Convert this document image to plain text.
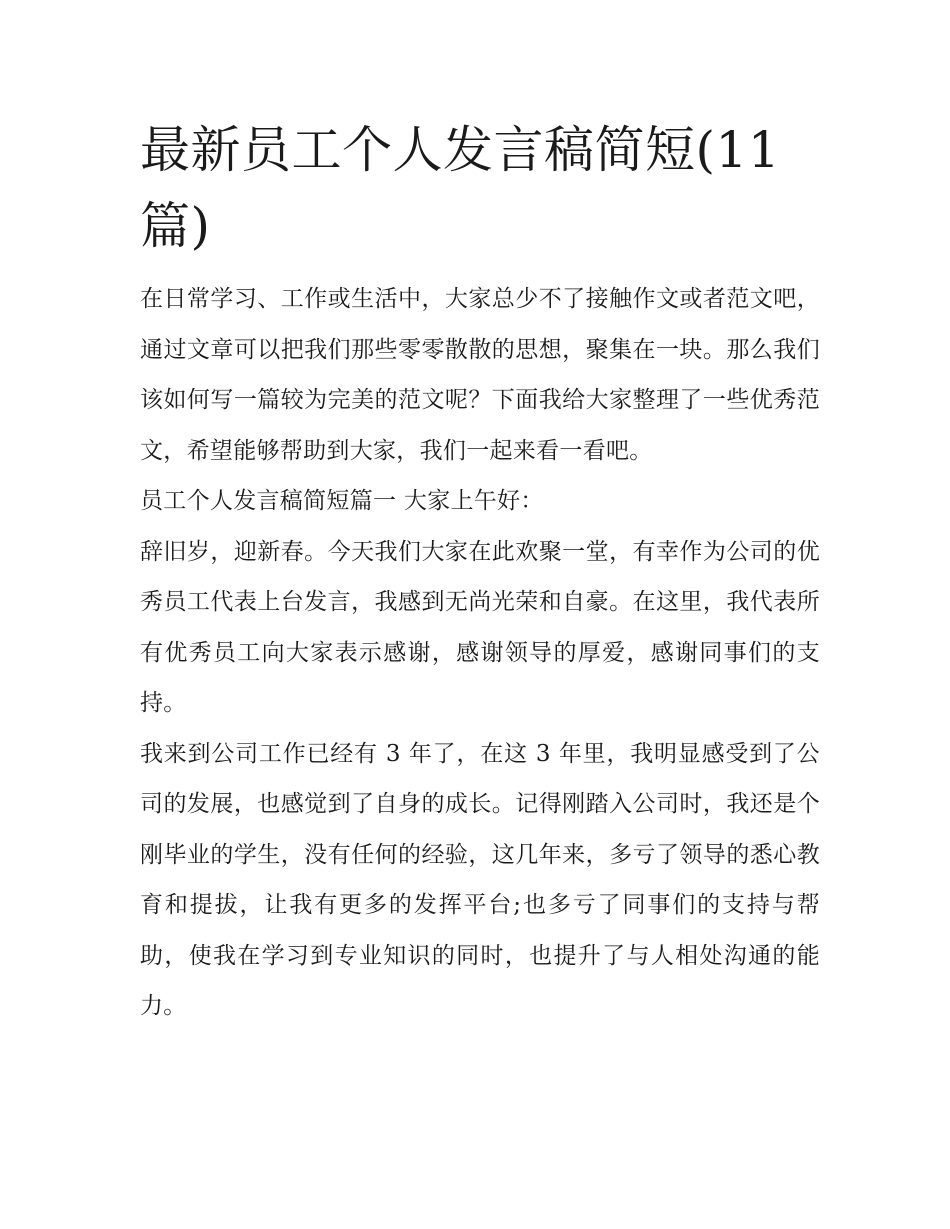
最新员工个人发言稿简短(11篇)

在日常学习、工作或生活中，大家总少不了接触作文或者范文吧，通过文章可以把我们那些零零散散的思想，聚集在一块。那么我们该如何写一篇较为完美的范文呢？下面我给大家整理了一些优秀范文，希望能够帮助到大家，我们一起来看一看吧。

员工个人发言稿简短篇一 大家上午好：

辞旧岁，迎新春。今天我们大家在此欢聚一堂，有幸作为公司的优秀员工代表上台发言，我感到无尚光荣和自豪。在这里，我代表所有优秀员工向大家表示感谢，感谢领导的厚爱，感谢同事们的支持。

我来到公司工作已经有 3 年了，在这 3 年里，我明显感受到了公司的发展，也感觉到了自身的成长。记得刚踏入公司时，我还是个刚毕业的学生，没有任何的经验，这几年来，多亏了领导的悉心教育和提拔，让我有更多的发挥平台;也多亏了同事们的支持与帮助，使我在学习到专业知识的同时，也提升了与人相处沟通的能力。
